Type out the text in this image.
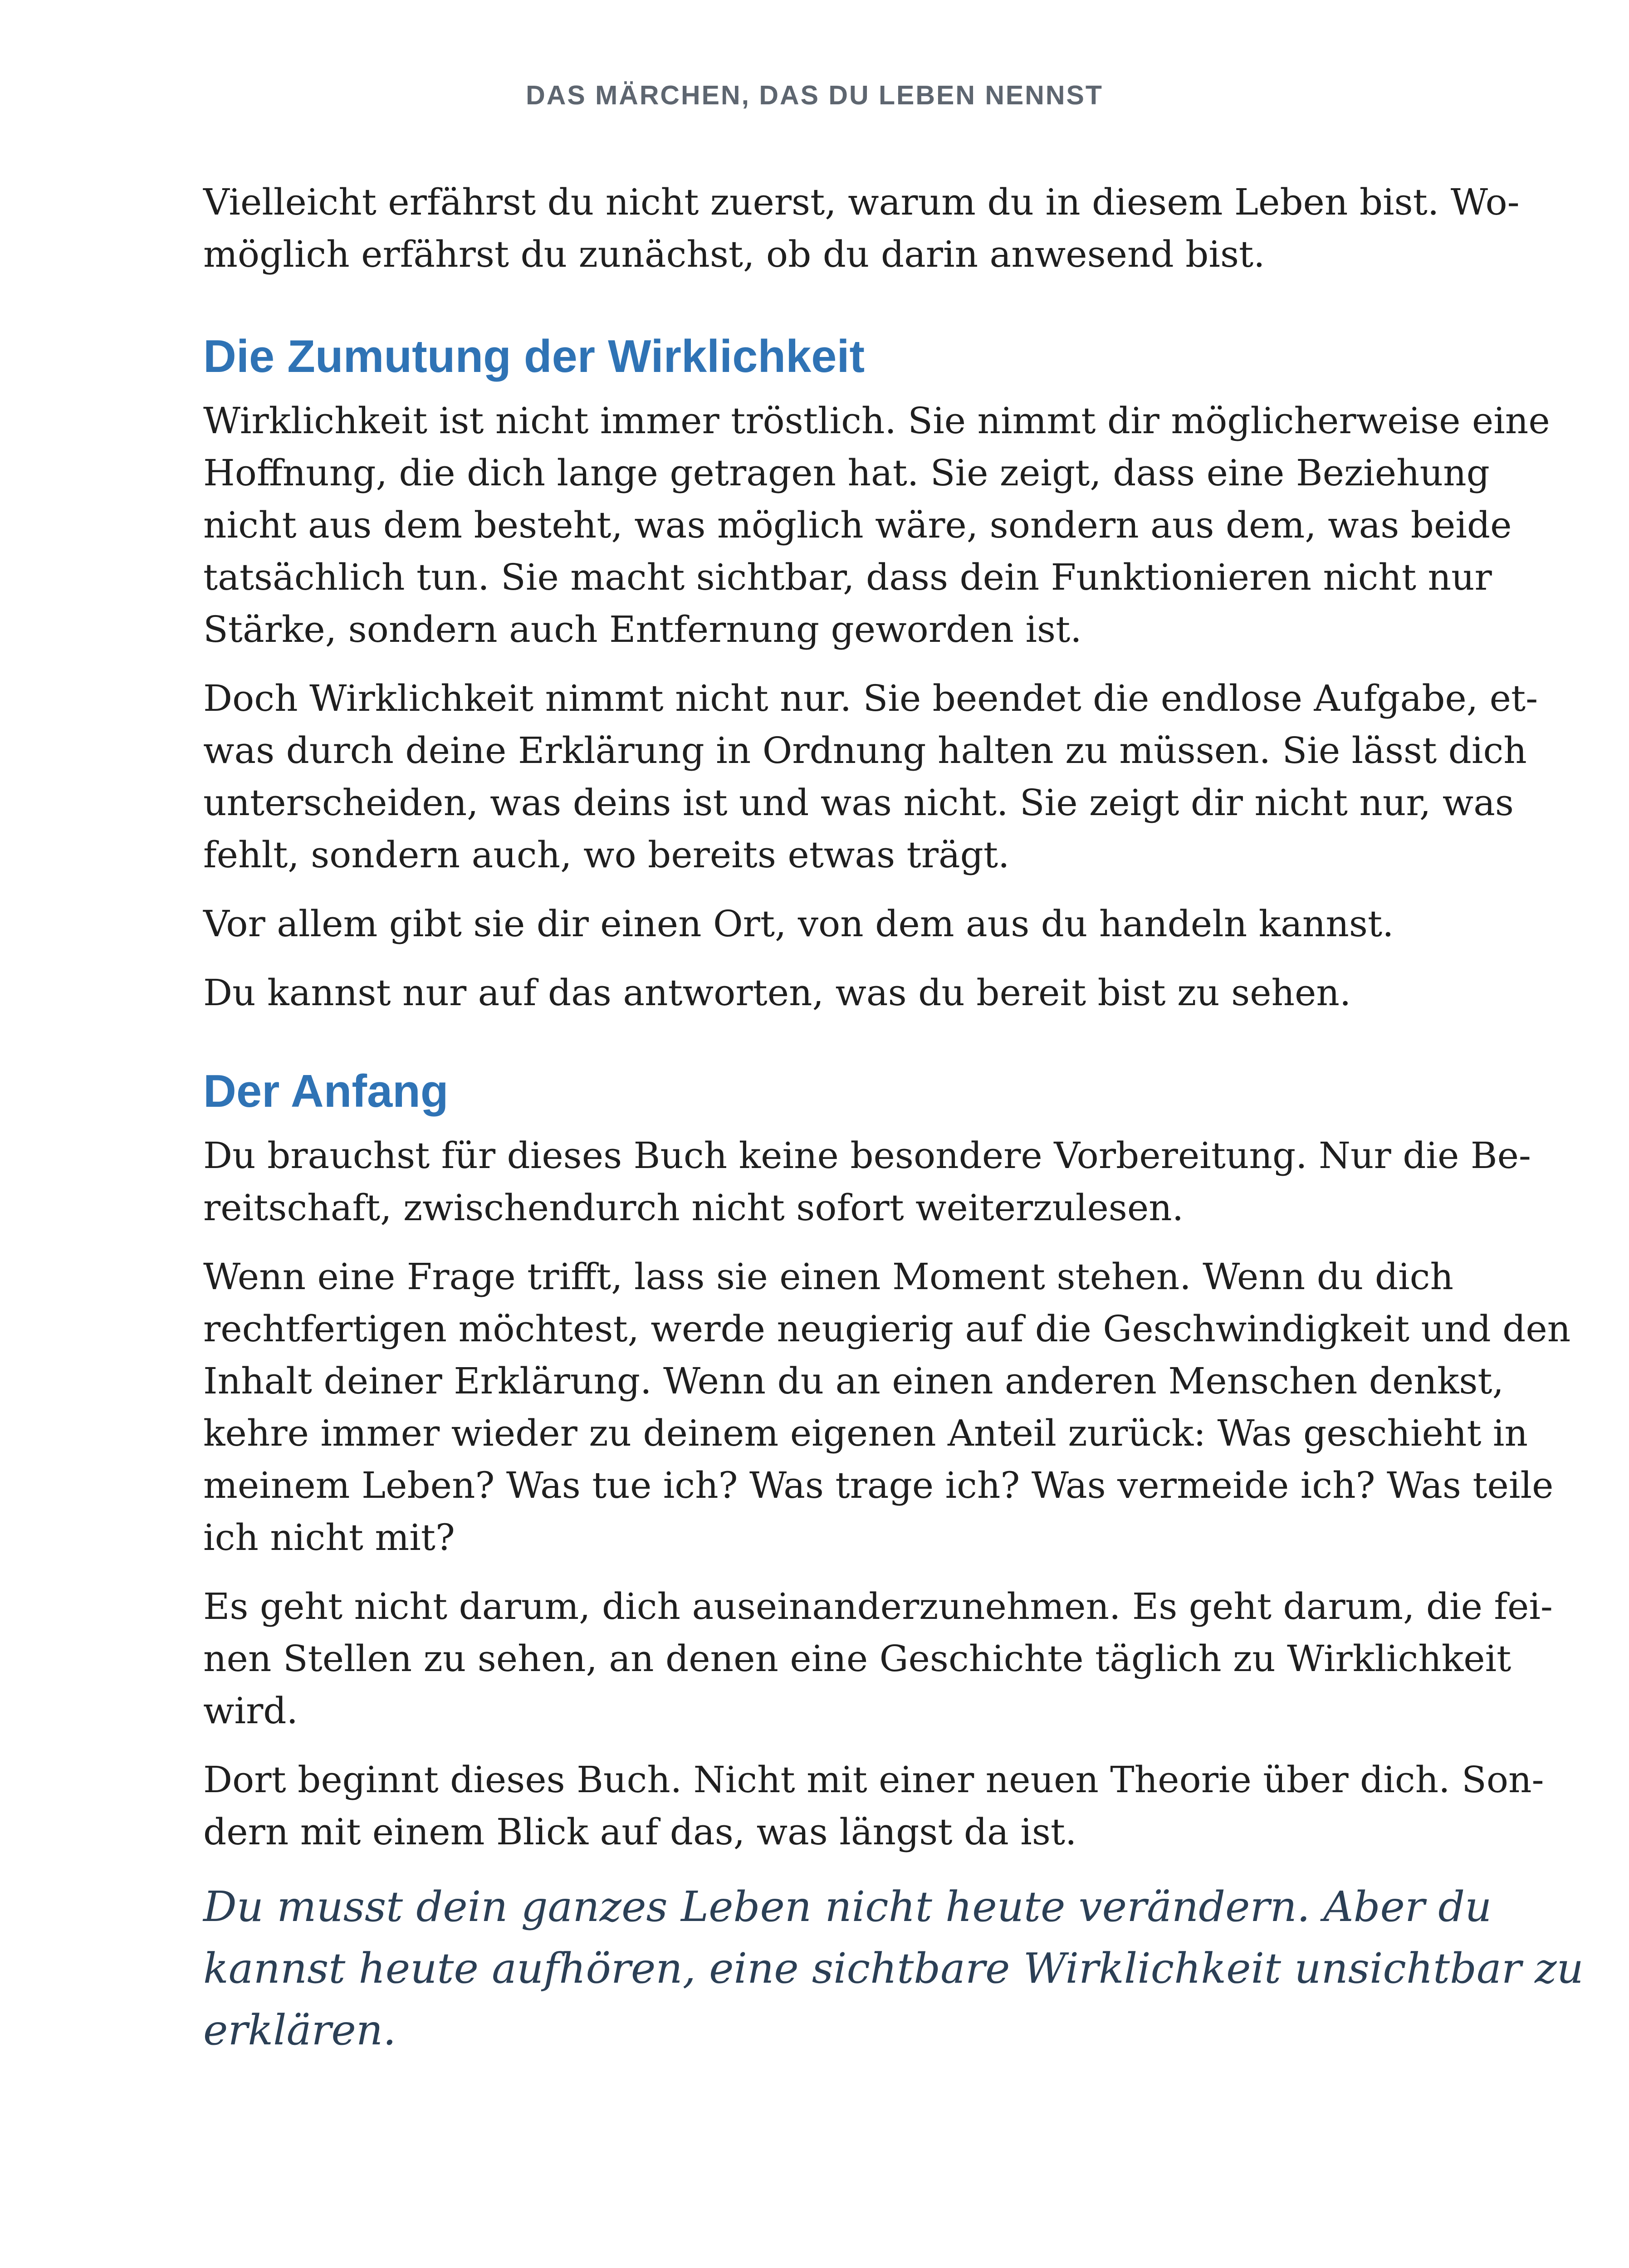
DAS MÄRCHEN, DAS DU LEBEN NENNST
Vielleicht erfährst du nicht zuerst, warum du in diesem Leben bist. Wo-
möglich erfährst du zunächst, ob du darin anwesend bist.
Die Zumutung der Wirklichkeit
Wirklichkeit ist nicht immer tröstlich. Sie nimmt dir möglicherweise eine
Hoffnung, die dich lange getragen hat. Sie zeigt, dass eine Beziehung
nicht aus dem besteht, was möglich wäre, sondern aus dem, was beide
tatsächlich tun. Sie macht sichtbar, dass dein Funktionieren nicht nur
Stärke, sondern auch Entfernung geworden ist.
Doch Wirklichkeit nimmt nicht nur. Sie beendet die endlose Aufgabe, et-
was durch deine Erklärung in Ordnung halten zu müssen. Sie lässt dich
unterscheiden, was deins ist und was nicht. Sie zeigt dir nicht nur, was
fehlt, sondern auch, wo bereits etwas trägt.
Vor allem gibt sie dir einen Ort, von dem aus du handeln kannst.
Du kannst nur auf das antworten, was du bereit bist zu sehen.
Der Anfang
Du brauchst für dieses Buch keine besondere Vorbereitung. Nur die Be-
reitschaft, zwischendurch nicht sofort weiterzulesen.
Wenn eine Frage trifft, lass sie einen Moment stehen. Wenn du dich
rechtfertigen möchtest, werde neugierig auf die Geschwindigkeit und den
Inhalt deiner Erklärung. Wenn du an einen anderen Menschen denkst,
kehre immer wieder zu deinem eigenen Anteil zurück: Was geschieht in
meinem Leben? Was tue ich? Was trage ich? Was vermeide ich? Was teile
ich nicht mit?
Es geht nicht darum, dich auseinanderzunehmen. Es geht darum, die fei-
nen Stellen zu sehen, an denen eine Geschichte täglich zu Wirklichkeit
wird.
Dort beginnt dieses Buch. Nicht mit einer neuen Theorie über dich. Son-
dern mit einem Blick auf das, was längst da ist.
Du musst dein ganzes Leben nicht heute verändern. Aber du
kannst heute aufhören, eine sichtbare Wirklichkeit unsichtbar zu
erklären.
